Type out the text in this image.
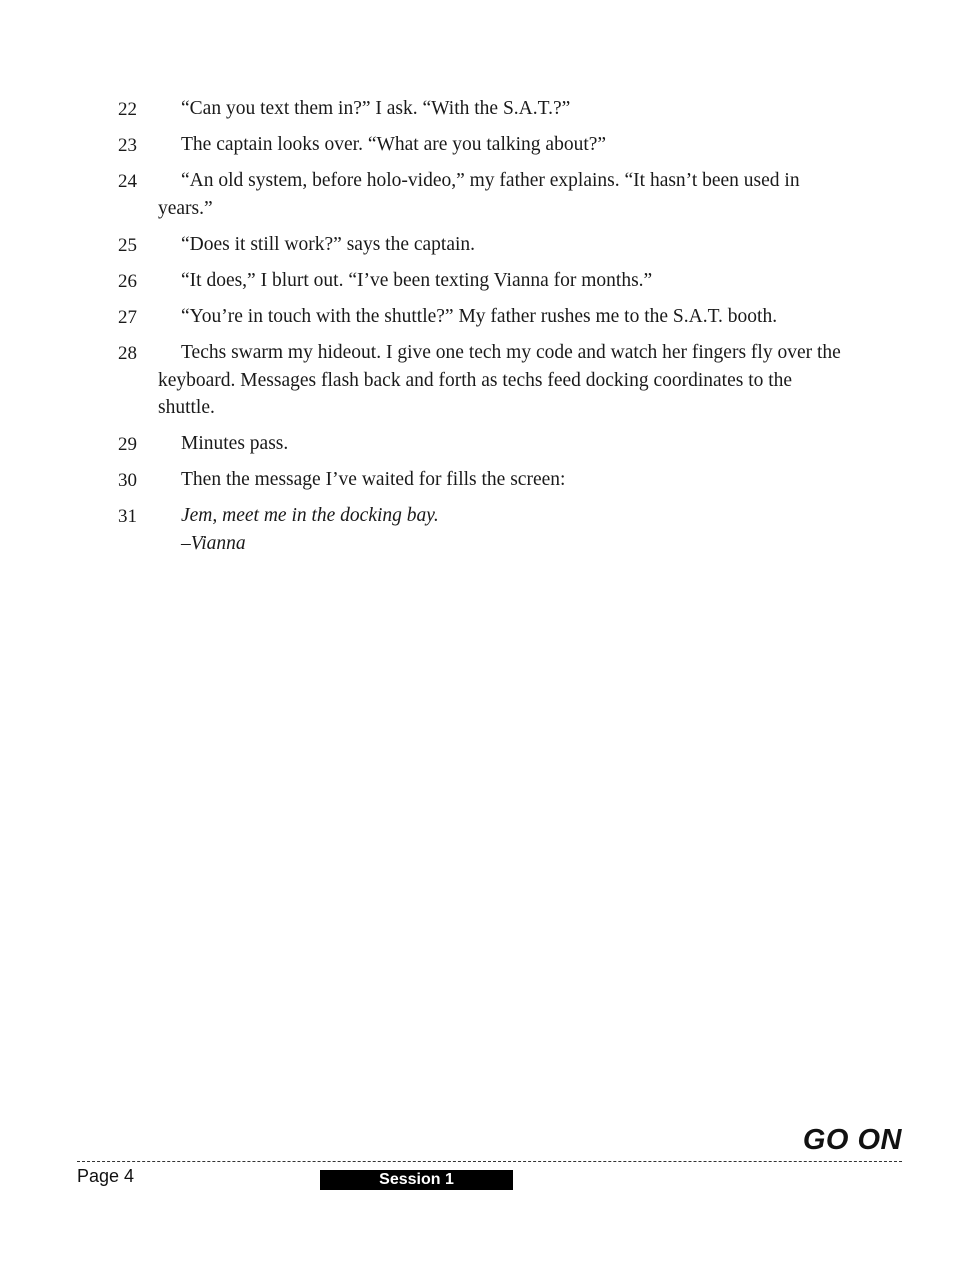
22	“Can you text them in?” I ask. “With the S.A.T.?”
23	The captain looks over. “What are you talking about?”
24	“An old system, before holo-video,” my father explains. “It hasn’t been used in years.”
25	“Does it still work?” says the captain.
26	“It does,” I blurt out. “I’ve been texting Vianna for months.”
27	“You’re in touch with the shuttle?” My father rushes me to the S.A.T. booth.
28	Techs swarm my hideout. I give one tech my code and watch her fingers fly over the keyboard. Messages flash back and forth as techs feed docking coordinates to the shuttle.
29	Minutes pass.
30	Then the message I’ve waited for fills the screen:
31	Jem, meet me in the docking bay.
–Vianna
GO ON
Page 4	Session 1
